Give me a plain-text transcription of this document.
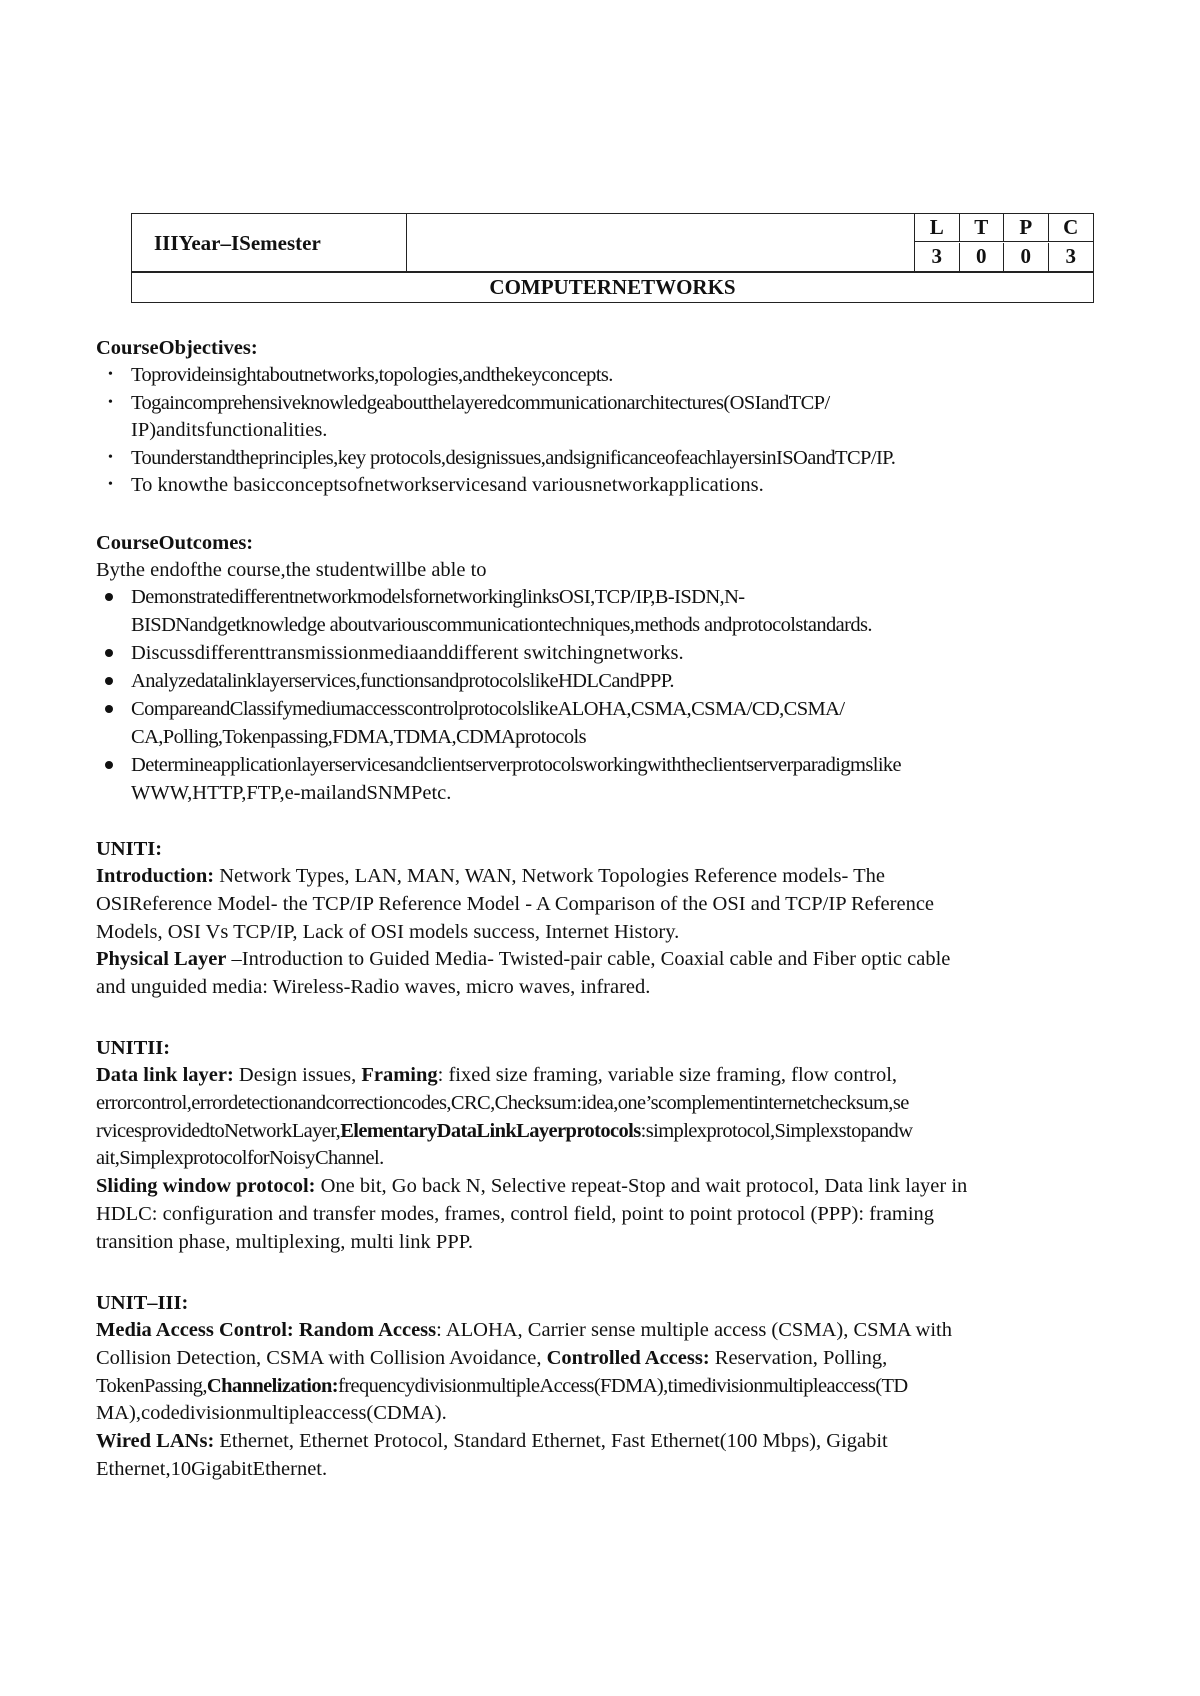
IIIYear–ISemester
L	T	P	C
3	0	0	3
COMPUTERNETWORKS
CourseObjectives:
• Toprovideinsightaboutnetworks,topologies,andthekeyconcepts.
• Togaincomprehensiveknowledgeaboutthelayeredcommunicationarchitectures(OSIandTCP/
IP)anditsfunctionalities.
• Tounderstandtheprinciples,key protocols,designissues,andsignificanceofeachlayersinISOandTCP/IP.
• To knowthe basicconceptsofnetworkservicesand variousnetworkapplications.
CourseOutcomes:
Bythe endofthe course,the studentwillbe able to
DemonstratedifferentnetworkmodelsfornetworkinglinksOSI,TCP/IP,B-ISDN,N-
BISDNandgetknowledge aboutvariouscommunicationtechniques,methods andprotocolstandards.
Discussdifferenttransmissionmediaanddifferent switchingnetworks.
Analyzedatalinklayerservices,functionsandprotocolslikeHDLCandPPP.
CompareandClassifymediumaccesscontrolprotocolslikeALOHA,CSMA,CSMA/CD,CSMA/
CA,Polling,Tokenpassing,FDMA,TDMA,CDMAprotocols
Determineapplicationlayerservicesandclientserverprotocolsworkingwiththeclientserverparadigmslike
WWW,HTTP,FTP,e-mailandSNMPetc.
UNITI:
Introduction: Network Types, LAN, MAN, WAN, Network Topologies Reference models- The
OSIReference Model- the TCP/IP Reference Model - A Comparison of the OSI and TCP/IP Reference
Models, OSI Vs TCP/IP, Lack of OSI models success, Internet History.
Physical Layer –Introduction to Guided Media- Twisted-pair cable, Coaxial cable and Fiber optic cable
and unguided media: Wireless-Radio waves, micro waves, infrared.
UNITII:
Data link layer: Design issues, Framing: fixed size framing, variable size framing, flow control,
errorcontrol,errordetectionandcorrectioncodes,CRC,Checksum:idea,one’scomplementinternetchecksum,se
rvicesprovidedtoNetworkLayer,ElementaryDataLinkLayerprotocols:simplexprotocol,Simplexstopandw
ait,SimplexprotocolforNoisyChannel.
Sliding window protocol: One bit, Go back N, Selective repeat-Stop and wait protocol, Data link layer in
HDLC: configuration and transfer modes, frames, control field, point to point protocol (PPP): framing
transition phase, multiplexing, multi link PPP.
UNIT–III:
Media Access Control: Random Access: ALOHA, Carrier sense multiple access (CSMA), CSMA with
Collision Detection, CSMA with Collision Avoidance, Controlled Access: Reservation, Polling,
TokenPassing,Channelization:frequencydivisionmultipleAccess(FDMA),timedivisionmultipleaccess(TD
MA),codedivisionmultipleaccess(CDMA).
Wired LANs: Ethernet, Ethernet Protocol, Standard Ethernet, Fast Ethernet(100 Mbps), Gigabit
Ethernet,10GigabitEthernet.
